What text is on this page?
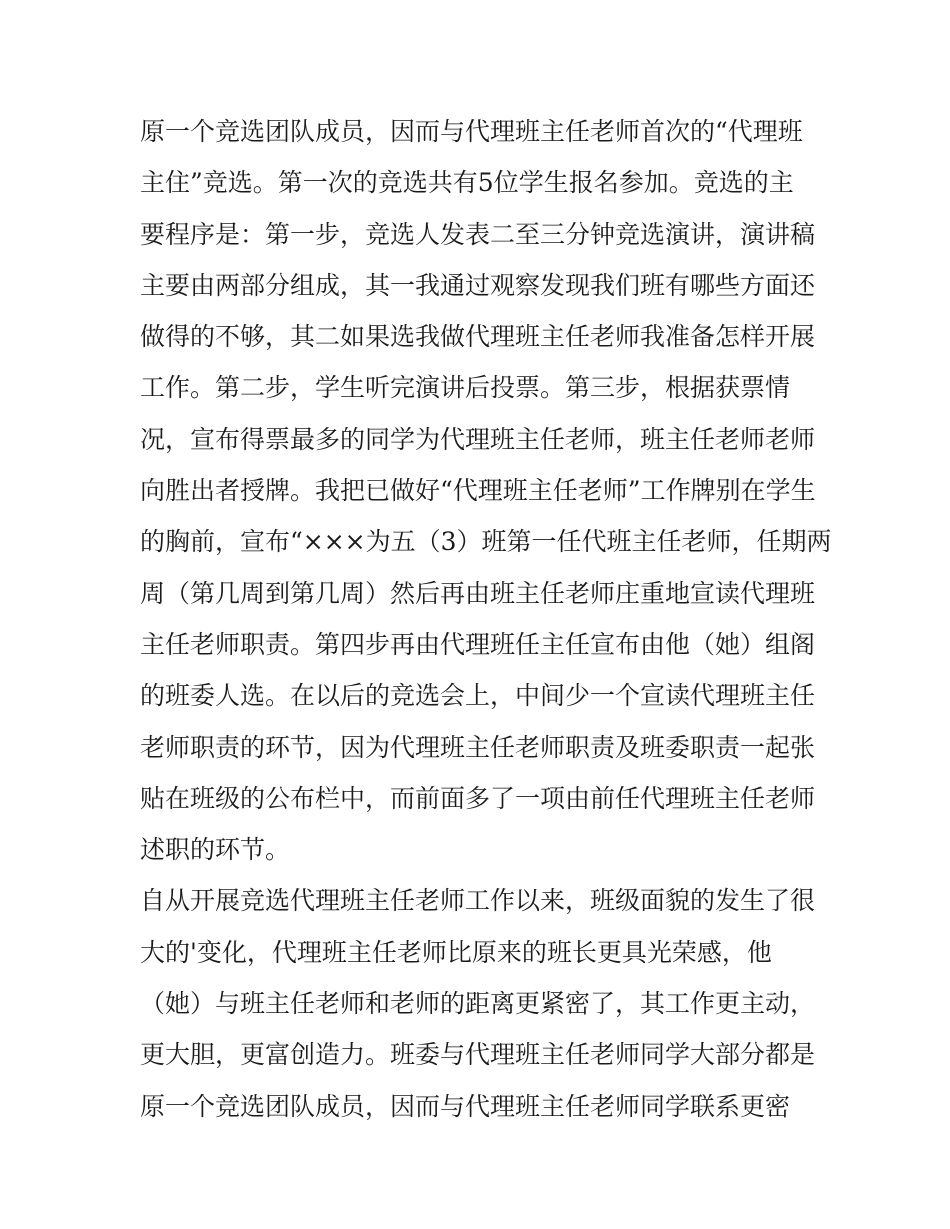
原一个竞选团队成员，因而与代理班主任老师首次的“代理班
主住”竞选。第一次的竞选共有5位学生报名参加。竞选的主
要程序是：第一步，竞选人发表二至三分钟竞选演讲，演讲稿
主要由两部分组成，其一我通过观察发现我们班有哪些方面还
做得的不够，其二如果选我做代理班主任老师我准备怎样开展
工作。第二步，学生听完演讲后投票。第三步，根据获票情
况，宣布得票最多的同学为代理班主任老师，班主任老师老师
向胜出者授牌。我把已做好“代理班主任老师”工作牌别在学生
的胸前，宣布“×××为五（3）班第一任代班主任老师，任期两
周（第几周到第几周）然后再由班主任老师庄重地宣读代理班
主任老师职责。第四步再由代理班任主任宣布由他（她）组阁
的班委人选。在以后的竞选会上，中间少一个宣读代理班主任
老师职责的环节，因为代理班主任老师职责及班委职责一起张
贴在班级的公布栏中，而前面多了一项由前任代理班主任老师
述职的环节。
自从开展竞选代理班主任老师工作以来，班级面貌的发生了很
大的'变化，代理班主任老师比原来的班长更具光荣感，他
（她）与班主任老师和老师的距离更紧密了，其工作更主动，
更大胆，更富创造力。班委与代理班主任老师同学大部分都是
原一个竞选团队成员，因而与代理班主任老师同学联系更密
